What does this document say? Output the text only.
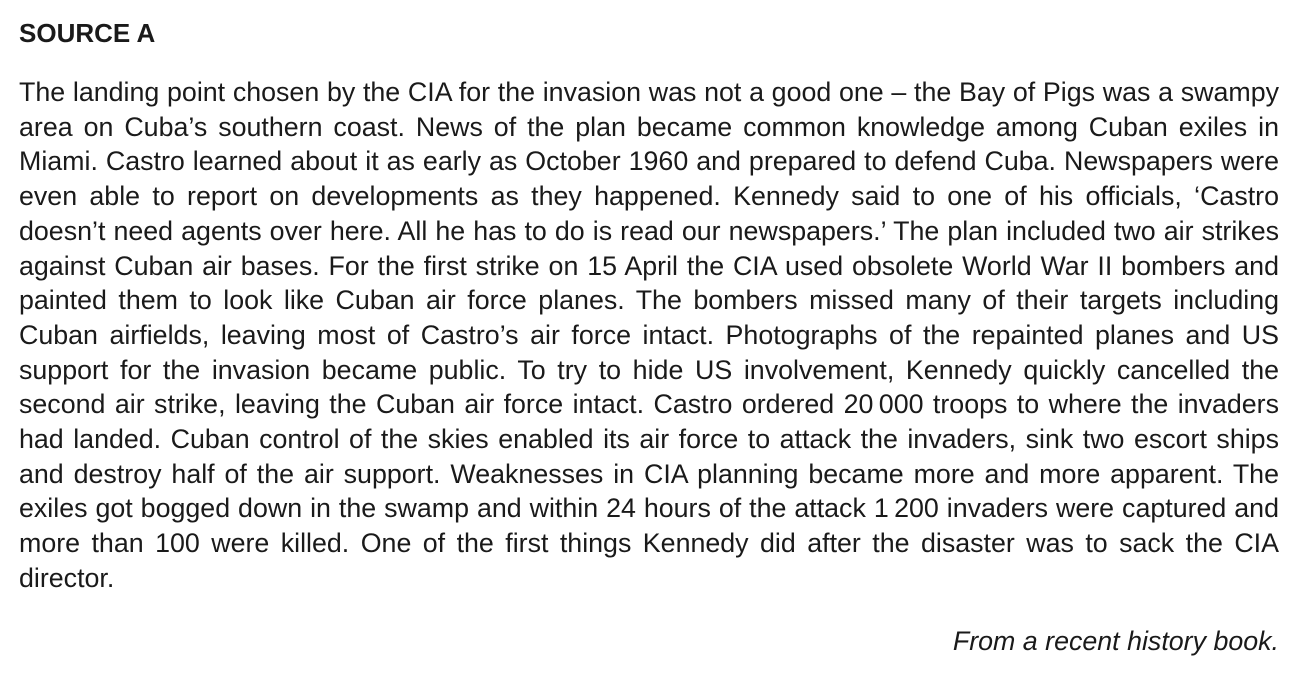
SOURCE A

The landing point chosen by the CIA for the invasion was not a good one – the Bay of Pigs was a swampy area on Cuba’s southern coast. News of the plan became common knowledge among Cuban exiles in Miami. Castro learned about it as early as October 1960 and prepared to defend Cuba. Newspapers were even able to report on developments as they happened. Kennedy said to one of his officials, ‘Castro doesn’t need agents over here. All he has to do is read our newspapers.’ The plan included two air strikes against Cuban air bases. For the first strike on 15 April the CIA used obsolete World War II bombers and painted them to look like Cuban air force planes. The bombers missed many of their targets including Cuban airfields, leaving most of Castro’s air force intact. Photographs of the repainted planes and US support for the invasion became public. To try to hide US involvement, Kennedy quickly cancelled the second air strike, leaving the Cuban air force intact. Castro ordered 20 000 troops to where the invaders had landed. Cuban control of the skies enabled its air force to attack the invaders, sink two escort ships and destroy half of the air support. Weaknesses in CIA planning became more and more apparent. The exiles got bogged down in the swamp and within 24 hours of the attack 1 200 invaders were captured and more than 100 were killed. One of the first things Kennedy did after the disaster was to sack the CIA director.

From a recent history book.
